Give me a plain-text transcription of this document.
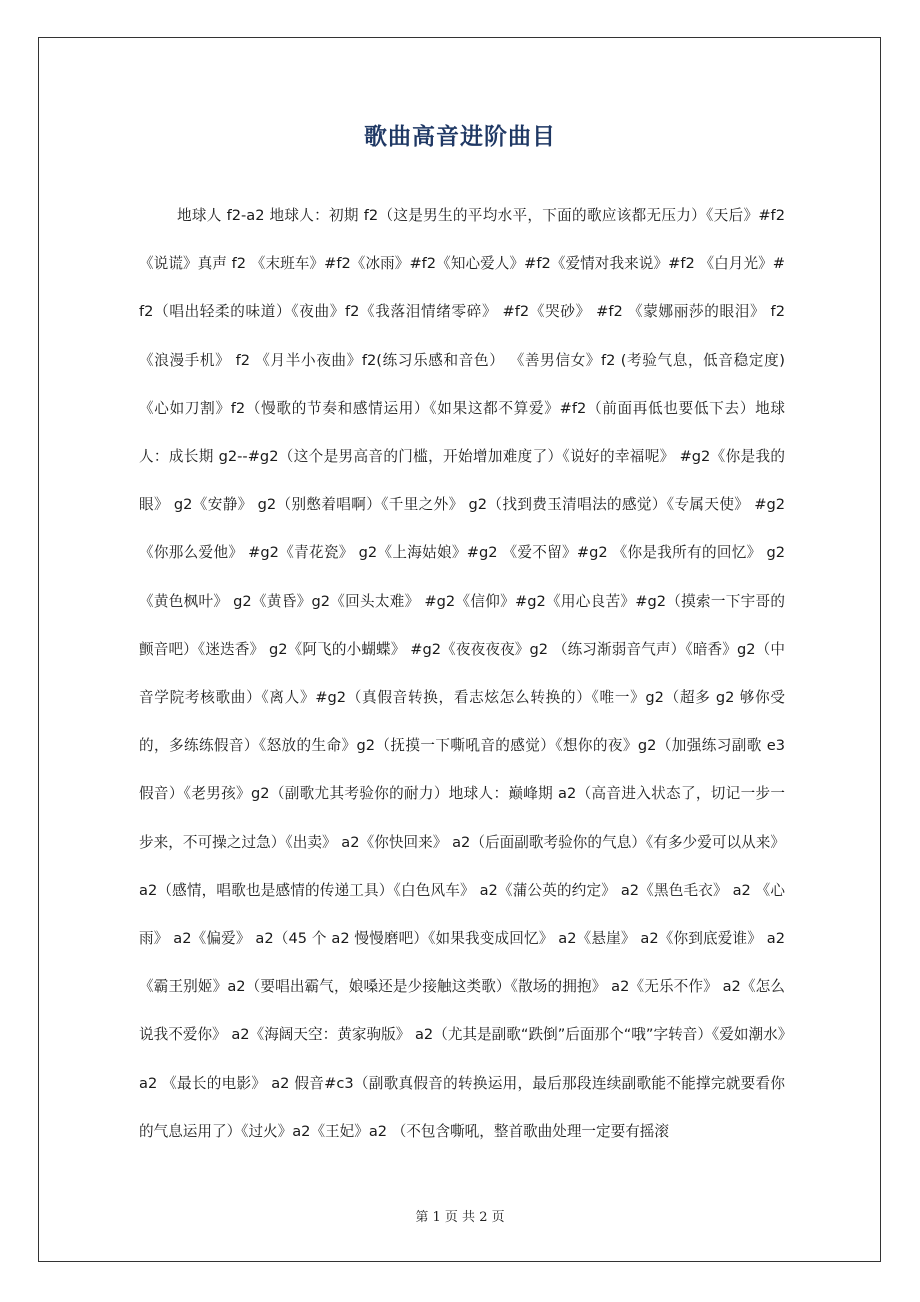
歌曲高音进阶曲目

地球人 f2-a2 地球人：初期 f2（这是男生的平均水平，下面的歌应该都无压力）《天后》#f2《说谎》真声 f2 《末班车》#f2《冰雨》#f2《知心爱人》#f2《爱情对我来说》#f2 《白月光》#f2（唱出轻柔的味道）《夜曲》f2《我落泪情绪零碎》 #f2《哭砂》 #f2 《蒙娜丽莎的眼泪》 f2 《浪漫手机》 f2 《月半小夜曲》f2(练习乐感和音色） 《善男信女》f2 (考验气息，低音稳定度) 《心如刀割》f2（慢歌的节奏和感情运用）《如果这都不算爱》#f2（前面再低也要低下去）地球人：成长期 g2--#g2（这个是男高音的门槛，开始增加难度了）《说好的幸福呢》 #g2《你是我的眼》 g2《安静》 g2（别憋着唱啊）《千里之外》 g2（找到费玉清唱法的感觉）《专属天使》 #g2《你那么爱他》 #g2《青花瓷》 g2《上海姑娘》#g2 《爱不留》#g2 《你是我所有的回忆》 g2 《黄色枫叶》 g2《黄昏》g2《回头太难》 #g2《信仰》#g2《用心良苦》#g2（摸索一下宇哥的颤音吧）《迷迭香》 g2《阿飞的小蝴蝶》 #g2《夜夜夜夜》g2 （练习渐弱音气声）《暗香》g2（中音学院考核歌曲）《离人》#g2（真假音转换，看志炫怎么转换的）《唯一》g2（超多 g2 够你受的，多练练假音）《怒放的生命》g2（抚摸一下嘶吼音的感觉）《想你的夜》g2（加强练习副歌 e3 假音）《老男孩》g2（副歌尤其考验你的耐力）地球人：巅峰期 a2（高音进入状态了，切记一步一步来，不可操之过急）《出卖》 a2《你快回来》 a2（后面副歌考验你的气息）《有多少爱可以从来》 a2（感情，唱歌也是感情的传递工具）《白色风车》 a2《蒲公英的约定》 a2《黑色毛衣》 a2 《心雨》 a2《偏爱》 a2（45 个 a2 慢慢磨吧）《如果我变成回忆》 a2《悬崖》 a2《你到底爱谁》 a2《霸王别姬》a2（要唱出霸气，娘嗓还是少接触这类歌）《散场的拥抱》 a2《无乐不作》 a2《怎么说我不爱你》 a2《海阔天空：黄家驹版》 a2（尤其是副歌“跌倒”后面那个“哦”字转音）《爱如潮水》a2 《最长的电影》 a2 假音#c3（副歌真假音的转换运用，最后那段连续副歌能不能撑完就要看你的气息运用了）《过火》a2《王妃》a2 （不包含嘶吼，整首歌曲处理一定要有摇滚

第 1 页 共 2 页
